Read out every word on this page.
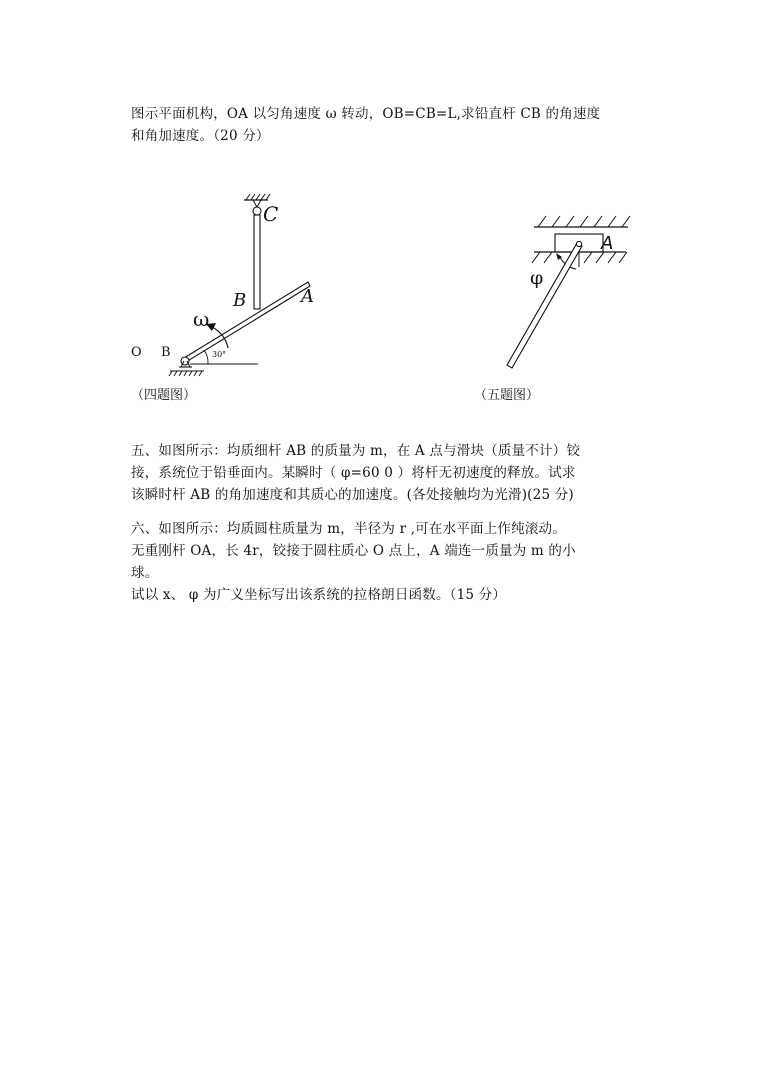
图示平面机构，OA 以匀角速度 ω 转动，OB=CB=L,求铅直杆 CB 的角速度
和角加速度。（20 分）
C
B	A
ω
O B	30°
（四题图）
A
φ
（五题图）
五、如图所示：均质细杆 AB 的质量为 m，在 A 点与滑块（质量不计）铰
接，系统位于铅垂面内。某瞬时（ φ=60 0 ）将杆无初速度的释放。试求
该瞬时杆 AB 的角加速度和其质心的加速度。(各处接触均为光滑)(25 分)
六、如图所示：均质圆柱质量为 m，半径为 r ,可在水平面上作纯滚动。
无重刚杆 OA，长 4r，铰接于圆柱质心 O 点上，A 端连一质量为 m 的小
球。
试以 x、 φ 为广义坐标写出该系统的拉格朗日函数。（15 分）
